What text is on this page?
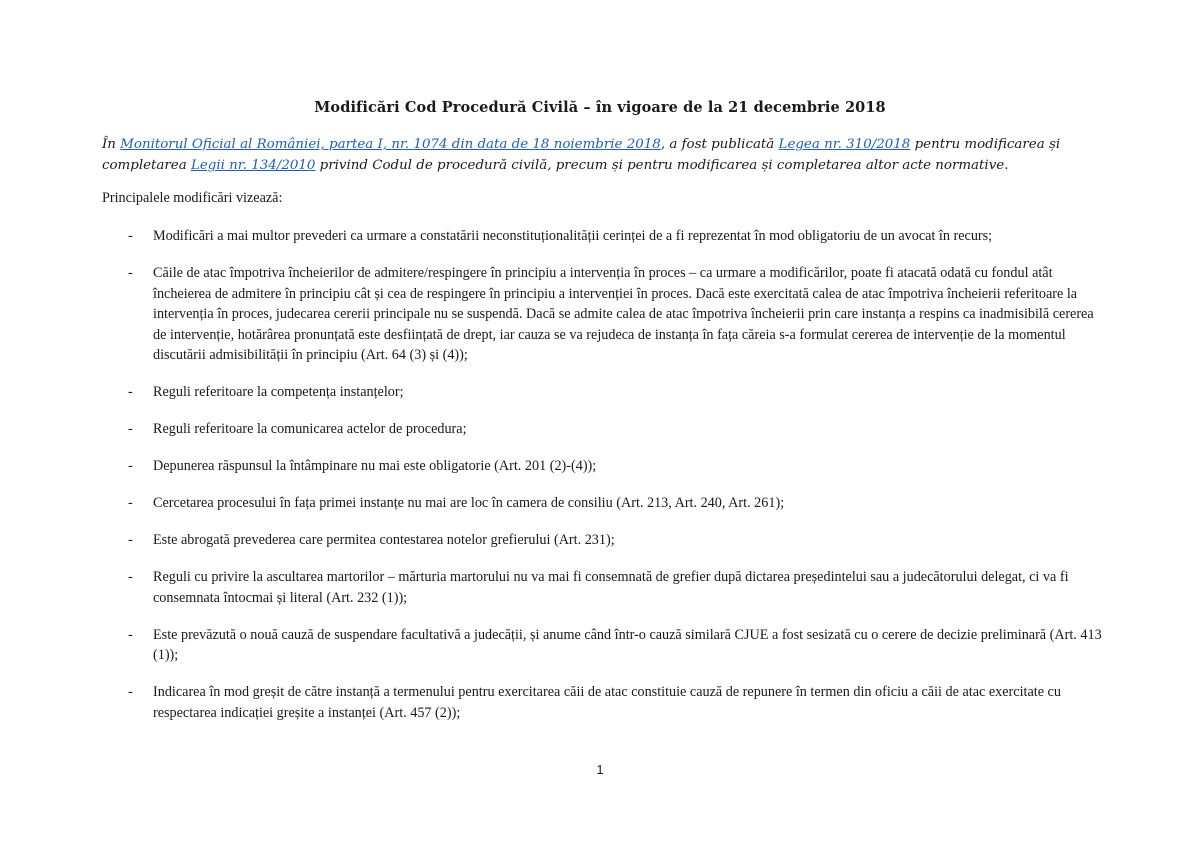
Modificări Cod Procedură Civilă – în vigoare de la 21 decembrie 2018

În Monitorul Oficial al României, partea I, nr. 1074 din data de 18 noiembrie 2018, a fost publicată Legea nr. 310/2018 pentru modificarea și completarea Legii nr. 134/2010 privind Codul de procedură civilă, precum și pentru modificarea și completarea altor acte normative.

Principalele modificări vizează:
- Modificări a mai multor prevederi ca urmare a constatării neconstituționalității cerinței de a fi reprezentat în mod obligatoriu de un avocat în recurs;
- Căile de atac împotriva încheierilor de admitere/respingere în principiu a intervenția în proces – ca urmare a modificărilor, poate fi atacată odată cu fondul atât încheierea de admitere în principiu cât și cea de respingere în principiu a intervenției în proces. Dacă este exercitată calea de atac împotriva încheierii referitoare la intervenția în proces, judecarea cererii principale nu se suspendă. Dacă se admite calea de atac împotriva încheierii prin care instanța a respins ca inadmisibilă cererea de intervenție, hotărârea pronunțată este desființată de drept, iar cauza se va rejudeca de instanța în fața căreia s-a formulat cererea de intervenție de la momentul discutării admisibilității în principiu (Art. 64 (3) și (4));
- Reguli referitoare la competența instanțelor;
- Reguli referitoare la comunicarea actelor de procedura;
- Depunerea răspunsul la întâmpinare nu mai este obligatorie (Art. 201 (2)-(4));
- Cercetarea procesului în fața primei instanțe nu mai are loc în camera de consiliu (Art. 213, Art. 240, Art. 261);
- Este abrogată prevederea care permitea contestarea notelor grefierului (Art. 231);
- Reguli cu privire la ascultarea martorilor – mărturia martorului nu va mai fi consemnată de grefier după dictarea președintelui sau a judecătorului delegat, ci va fi consemnata întocmai și literal (Art. 232 (1));
- Este prevăzută o nouă cauză de suspendare facultativă a judecății, și anume când într-o cauză similară CJUE a fost sesizată cu o cerere de decizie preliminară (Art. 413 (1));
- Indicarea în mod greșit de către instanță a termenului pentru exercitarea căii de atac constituie cauză de repunere în termen din oficiu a căii de atac exercitate cu respectarea indicației greșite a instanței (Art. 457 (2));
1
